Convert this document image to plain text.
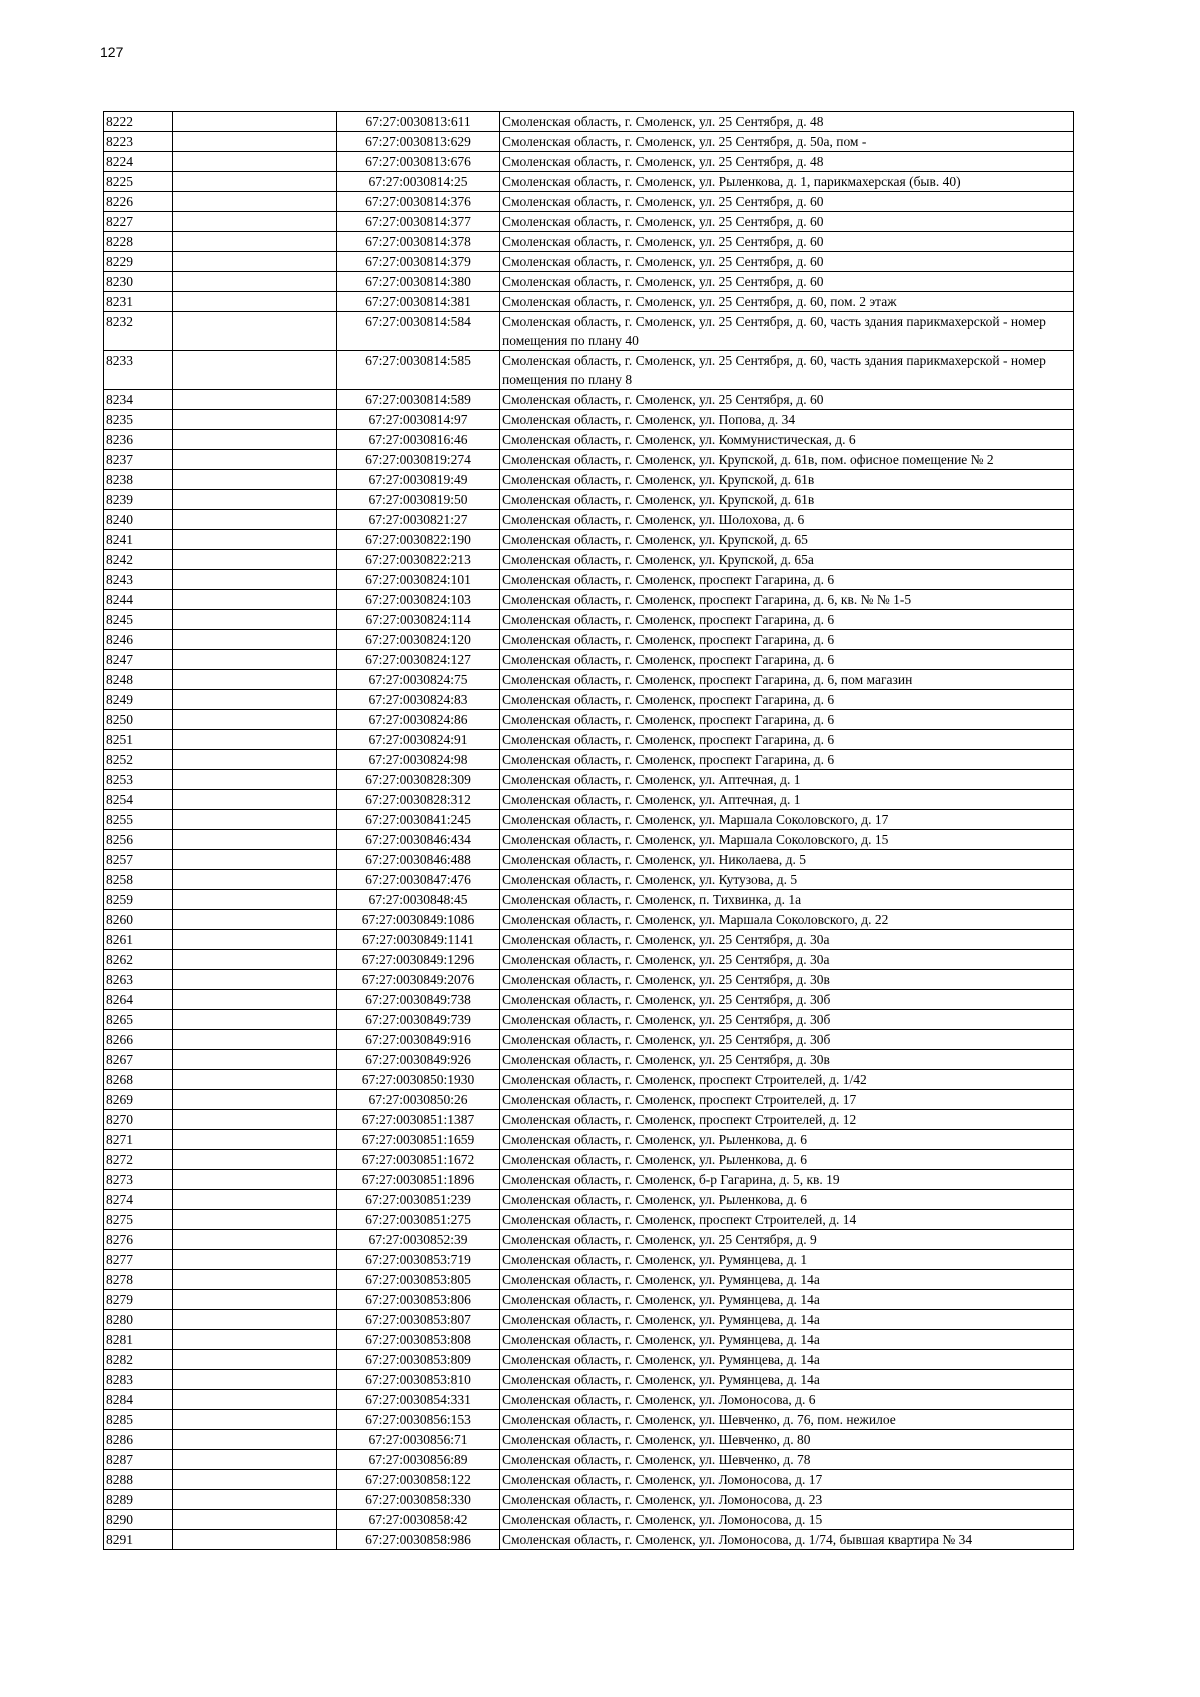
127
8222		67:27:0030813:611	Смоленская область, г. Смоленск, ул. 25 Сентября, д. 48
8223		67:27:0030813:629	Смоленская область, г. Смоленск, ул. 25 Сентября, д. 50а, пом -
8224		67:27:0030813:676	Смоленская область, г. Смоленск, ул. 25 Сентября, д. 48
8225		67:27:0030814:25	Смоленская область, г. Смоленск, ул. Рыленкова, д. 1, парикмахерская (быв. 40)
8226		67:27:0030814:376	Смоленская область, г. Смоленск, ул. 25 Сентября, д. 60
8227		67:27:0030814:377	Смоленская область, г. Смоленск, ул. 25 Сентября, д. 60
8228		67:27:0030814:378	Смоленская область, г. Смоленск, ул. 25 Сентября, д. 60
8229		67:27:0030814:379	Смоленская область, г. Смоленск, ул. 25 Сентября, д. 60
8230		67:27:0030814:380	Смоленская область, г. Смоленск, ул. 25 Сентября, д. 60
8231		67:27:0030814:381	Смоленская область, г. Смоленск, ул. 25 Сентября, д. 60, пом. 2 этаж
8232		67:27:0030814:584	Смоленская область, г. Смоленск, ул. 25 Сентября, д. 60, часть здания парикмахерской - номер помещения по плану 40
8233		67:27:0030814:585	Смоленская область, г. Смоленск, ул. 25 Сентября, д. 60, часть здания парикмахерской - номер помещения по плану 8
8234		67:27:0030814:589	Смоленская область, г. Смоленск, ул. 25 Сентября, д. 60
8235		67:27:0030814:97	Смоленская область, г. Смоленск, ул. Попова, д. 34
8236		67:27:0030816:46	Смоленская область, г. Смоленск, ул. Коммунистическая, д. 6
8237		67:27:0030819:274	Смоленская область, г. Смоленск, ул. Крупской, д. 61в, пом. офисное помещение № 2
8238		67:27:0030819:49	Смоленская область, г. Смоленск, ул. Крупской, д. 61в
8239		67:27:0030819:50	Смоленская область, г. Смоленск, ул. Крупской, д. 61в
8240		67:27:0030821:27	Смоленская область, г. Смоленск, ул. Шолохова, д. 6
8241		67:27:0030822:190	Смоленская область, г. Смоленск, ул. Крупской, д. 65
8242		67:27:0030822:213	Смоленская область, г. Смоленск, ул. Крупской, д. 65а
8243		67:27:0030824:101	Смоленская область, г. Смоленск, проспект Гагарина, д. 6
8244		67:27:0030824:103	Смоленская область, г. Смоленск, проспект Гагарина, д. 6, кв. № № 1-5
8245		67:27:0030824:114	Смоленская область, г. Смоленск, проспект Гагарина, д. 6
8246		67:27:0030824:120	Смоленская область, г. Смоленск, проспект Гагарина, д. 6
8247		67:27:0030824:127	Смоленская область, г. Смоленск, проспект Гагарина, д. 6
8248		67:27:0030824:75	Смоленская область, г. Смоленск, проспект Гагарина, д. 6, пом магазин
8249		67:27:0030824:83	Смоленская область, г. Смоленск, проспект Гагарина, д. 6
8250		67:27:0030824:86	Смоленская область, г. Смоленск, проспект Гагарина, д. 6
8251		67:27:0030824:91	Смоленская область, г. Смоленск, проспект Гагарина, д. 6
8252		67:27:0030824:98	Смоленская область, г. Смоленск, проспект Гагарина, д. 6
8253		67:27:0030828:309	Смоленская область, г. Смоленск, ул. Аптечная, д. 1
8254		67:27:0030828:312	Смоленская область, г. Смоленск, ул. Аптечная, д. 1
8255		67:27:0030841:245	Смоленская область, г. Смоленск, ул. Маршала Соколовского, д. 17
8256		67:27:0030846:434	Смоленская область, г. Смоленск, ул. Маршала Соколовского, д. 15
8257		67:27:0030846:488	Смоленская область, г. Смоленск, ул. Николаева, д. 5
8258		67:27:0030847:476	Смоленская область, г. Смоленск, ул. Кутузова, д. 5
8259		67:27:0030848:45	Смоленская область, г. Смоленск, п. Тихвинка, д. 1а
8260		67:27:0030849:1086	Смоленская область, г. Смоленск, ул. Маршала Соколовского, д. 22
8261		67:27:0030849:1141	Смоленская область, г. Смоленск, ул. 25 Сентября, д. 30а
8262		67:27:0030849:1296	Смоленская область, г. Смоленск, ул. 25 Сентября, д. 30а
8263		67:27:0030849:2076	Смоленская область, г. Смоленск, ул. 25 Сентября, д. 30в
8264		67:27:0030849:738	Смоленская область, г. Смоленск, ул. 25 Сентября, д. 30б
8265		67:27:0030849:739	Смоленская область, г. Смоленск, ул. 25 Сентября, д. 30б
8266		67:27:0030849:916	Смоленская область, г. Смоленск, ул. 25 Сентября, д. 30б
8267		67:27:0030849:926	Смоленская область, г. Смоленск, ул. 25 Сентября, д. 30в
8268		67:27:0030850:1930	Смоленская область, г. Смоленск, проспект Строителей, д. 1/42
8269		67:27:0030850:26	Смоленская область, г. Смоленск, проспект Строителей, д. 17
8270		67:27:0030851:1387	Смоленская область, г. Смоленск, проспект Строителей, д. 12
8271		67:27:0030851:1659	Смоленская область, г. Смоленск, ул. Рыленкова, д. 6
8272		67:27:0030851:1672	Смоленская область, г. Смоленск, ул. Рыленкова, д. 6
8273		67:27:0030851:1896	Смоленская область, г. Смоленск, б-р Гагарина, д. 5, кв. 19
8274		67:27:0030851:239	Смоленская область, г. Смоленск, ул. Рыленкова, д. 6
8275		67:27:0030851:275	Смоленская область, г. Смоленск, проспект Строителей, д. 14
8276		67:27:0030852:39	Смоленская область, г. Смоленск, ул. 25 Сентября, д. 9
8277		67:27:0030853:719	Смоленская область, г. Смоленск, ул. Румянцева, д. 1
8278		67:27:0030853:805	Смоленская область, г. Смоленск, ул. Румянцева, д. 14а
8279		67:27:0030853:806	Смоленская область, г. Смоленск, ул. Румянцева, д. 14а
8280		67:27:0030853:807	Смоленская область, г. Смоленск, ул. Румянцева, д. 14а
8281		67:27:0030853:808	Смоленская область, г. Смоленск, ул. Румянцева, д. 14а
8282		67:27:0030853:809	Смоленская область, г. Смоленск, ул. Румянцева, д. 14а
8283		67:27:0030853:810	Смоленская область, г. Смоленск, ул. Румянцева, д. 14а
8284		67:27:0030854:331	Смоленская область, г. Смоленск, ул. Ломоносова, д. 6
8285		67:27:0030856:153	Смоленская область, г. Смоленск, ул. Шевченко, д. 76, пом. нежилое
8286		67:27:0030856:71	Смоленская область, г. Смоленск, ул. Шевченко, д. 80
8287		67:27:0030856:89	Смоленская область, г. Смоленск, ул. Шевченко, д. 78
8288		67:27:0030858:122	Смоленская область, г. Смоленск, ул. Ломоносова, д. 17
8289		67:27:0030858:330	Смоленская область, г. Смоленск, ул. Ломоносова, д. 23
8290		67:27:0030858:42	Смоленская область, г. Смоленск, ул. Ломоносова, д. 15
8291		67:27:0030858:986	Смоленская область, г. Смоленск, ул. Ломоносова, д. 1/74, бывшая квартира № 34
